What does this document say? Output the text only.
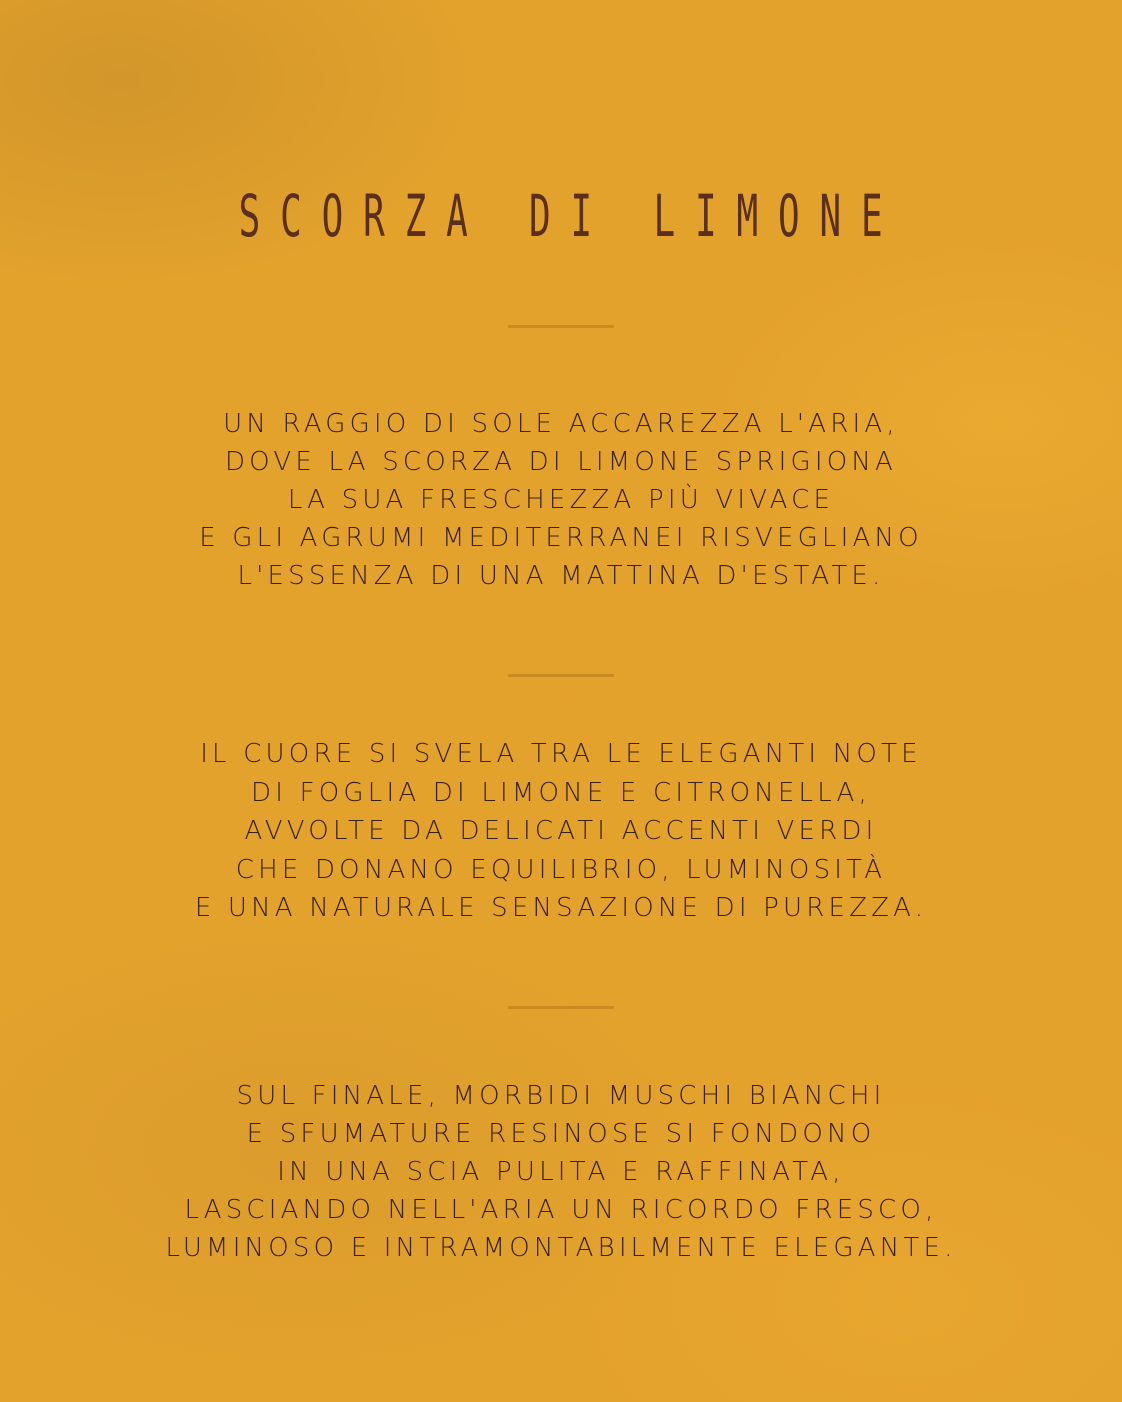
SCORZA DI LIMONE
UN RAGGIO DI SOLE ACCAREZZA L'ARIA,
DOVE LA SCORZA DI LIMONE SPRIGIONA
LA SUA FRESCHEZZA PIÙ VIVACE
E GLI AGRUMI MEDITERRANEI RISVEGLIANO
L'ESSENZA DI UNA MATTINA D'ESTATE.
IL CUORE SI SVELA TRA LE ELEGANTI NOTE
DI FOGLIA DI LIMONE E CITRONELLA,
AVVOLTE DA DELICATI ACCENTI VERDI
CHE DONANO EQUILIBRIO, LUMINOSITÀ
E UNA NATURALE SENSAZIONE DI PUREZZA.
SUL FINALE, MORBIDI MUSCHI BIANCHI
E SFUMATURE RESINOSE SI FONDONO
IN UNA SCIA PULITA E RAFFINATA,
LASCIANDO NELL'ARIA UN RICORDO FRESCO,
LUMINOSO E INTRAMONTABILMENTE ELEGANTE.
